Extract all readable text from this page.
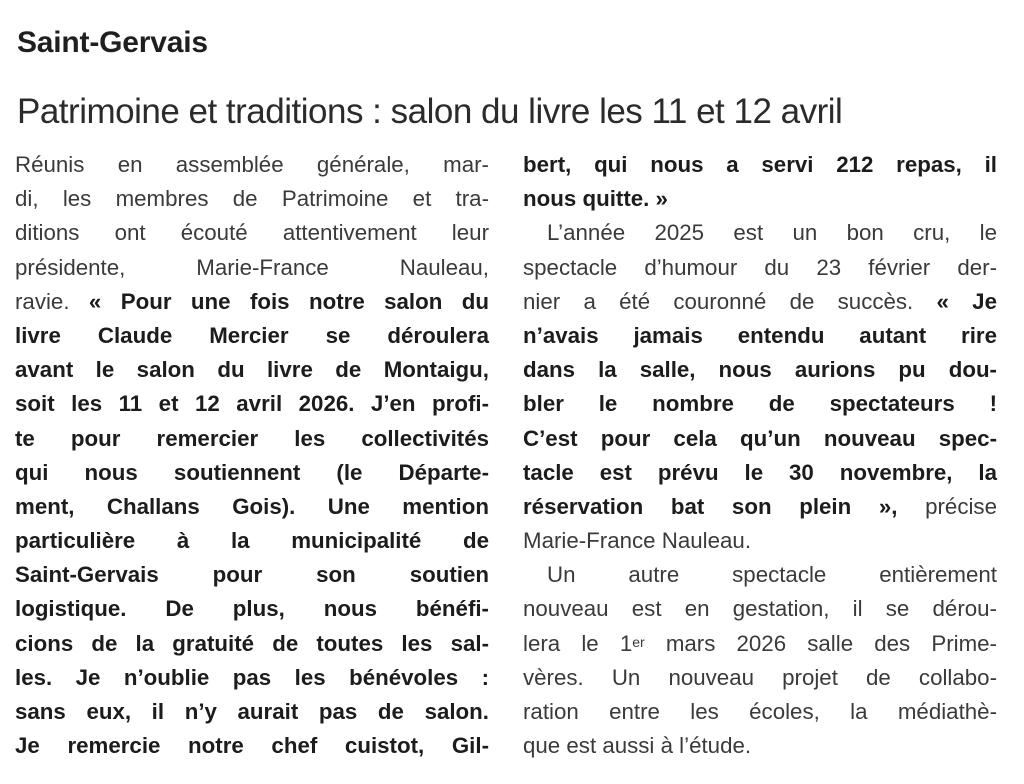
Saint-Gervais
Patrimoine et traditions : salon du livre les 11 et 12 avril
Réunis en assemblée générale, mar-
di, les membres de Patrimoine et tra-
ditions ont écouté attentivement leur
présidente, Marie-France Nauleau,
ravie. « Pour une fois notre salon du
livre Claude Mercier se déroulera
avant le salon du livre de Montaigu,
soit les 11 et 12 avril 2026. J’en profi-
te pour remercier les collectivités
qui nous soutiennent (le Départe-
ment, Challans Gois). Une mention
particulière à la municipalité de
Saint-Gervais pour son soutien
logistique. De plus, nous bénéfi-
cions de la gratuité de toutes les sal-
les. Je n’oublie pas les bénévoles :
sans eux, il n’y aurait pas de salon.
Je remercie notre chef cuistot, Gil-
bert, qui nous a servi 212 repas, il
nous quitte. »
L’année 2025 est un bon cru, le
spectacle d’humour du 23 février der-
nier a été couronné de succès. « Je
n’avais jamais entendu autant rire
dans la salle, nous aurions pu dou-
bler le nombre de spectateurs !
C’est pour cela qu’un nouveau spec-
tacle est prévu le 30 novembre, la
réservation bat son plein », précise
Marie-France Nauleau.
Un autre spectacle entièrement
nouveau est en gestation, il se dérou-
lera le 1er mars 2026 salle des Prime-
vères. Un nouveau projet de collabo-
ration entre les écoles, la médiathè-
que est aussi à l’étude.
